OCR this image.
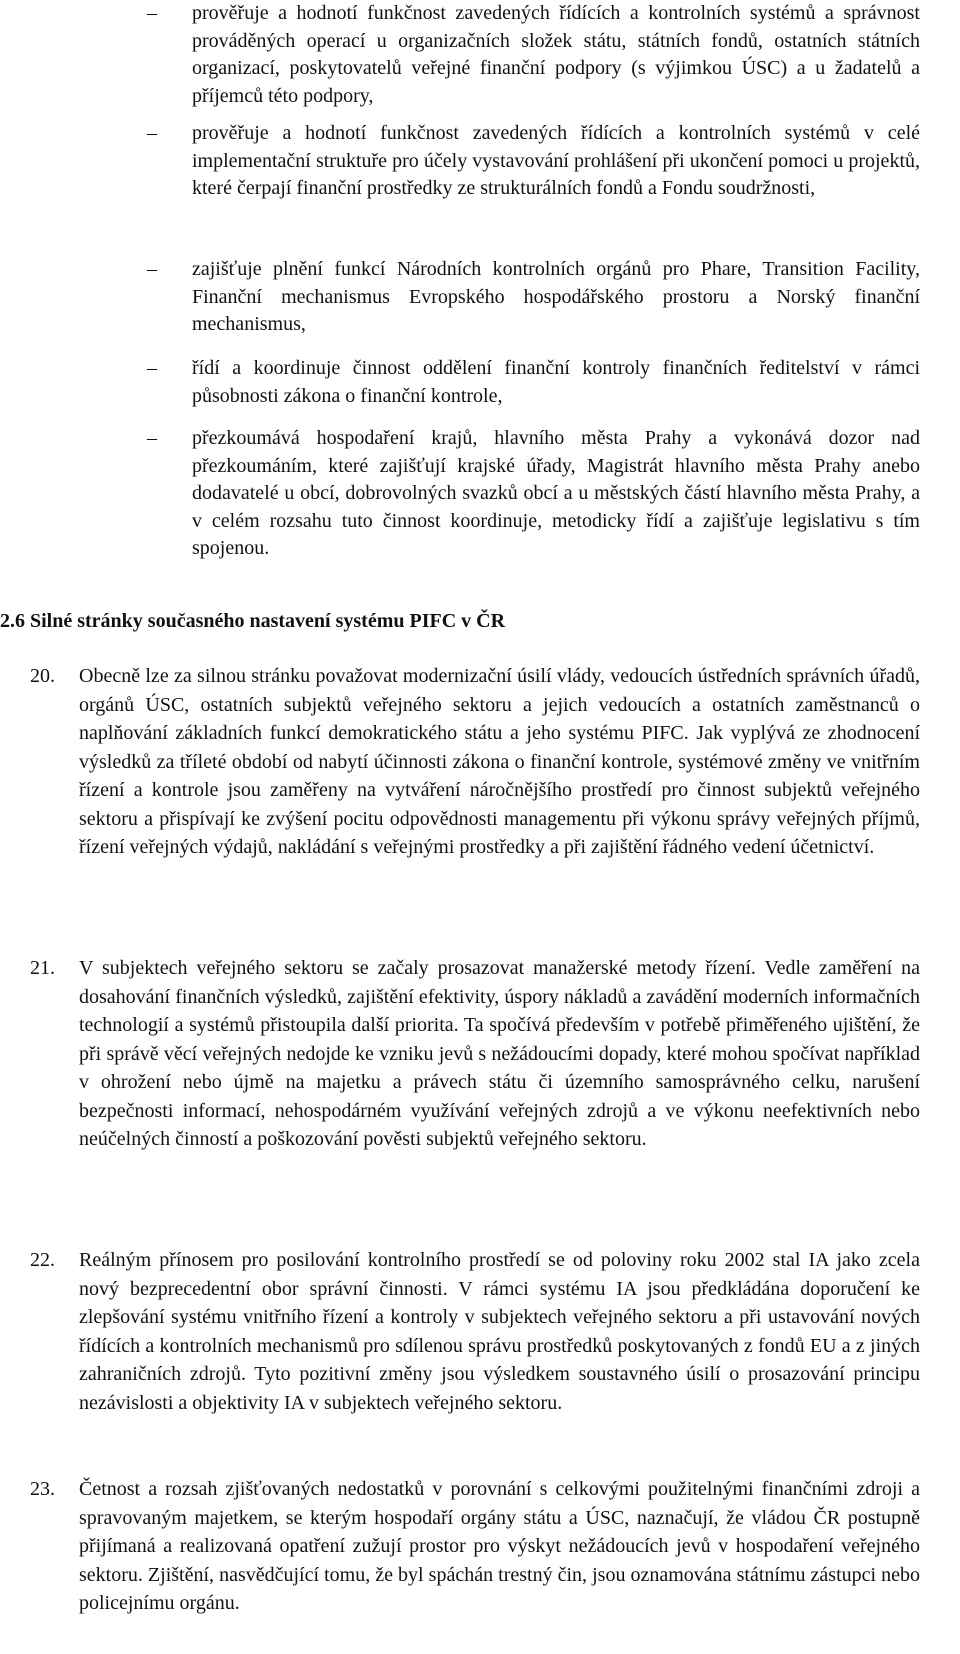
–	prověřuje a hodnotí funkčnost zavedených řídících a kontrolních systémů a správnost prováděných operací u organizačních složek státu, státních fondů, ostatních státních organizací, poskytovatelů veřejné finanční podpory (s výjimkou ÚSC) a u žadatelů a příjemců této podpory,
–	prověřuje a hodnotí funkčnost zavedených řídících a kontrolních systémů v celé implementační struktuře pro účely vystavování prohlášení při ukončení pomoci u projektů, které čerpají finanční prostředky ze strukturálních fondů a Fondu soudržnosti,
–	zajišťuje plnění funkcí Národních kontrolních orgánů pro Phare, Transition Facility, Finanční mechanismus Evropského hospodářského prostoru a Norský finanční mechanismus,
–	řídí a koordinuje činnost oddělení finanční kontroly finančních ředitelství v rámci působnosti zákona o finanční kontrole,
–	přezkoumává hospodaření krajů, hlavního města Prahy a vykonává dozor nad přezkoumáním, které zajišťují krajské úřady, Magistrát hlavního města Prahy anebo dodavatelé u obcí, dobrovolných svazků obcí a u městských částí hlavního města Prahy, a v celém rozsahu tuto činnost koordinuje, metodicky řídí a zajišťuje legislativu s tím spojenou.
2.6 Silné stránky současného nastavení systému PIFC v ČR
20.	Obecně lze za silnou stránku považovat modernizační úsilí vlády, vedoucích ústředních správních úřadů, orgánů ÚSC, ostatních subjektů veřejného sektoru a jejich vedoucích a ostatních zaměstnanců o naplňování základních funkcí demokratického státu a jeho systému PIFC. Jak vyplývá ze zhodnocení výsledků za tříleté období od nabytí účinnosti zákona o finanční kontrole, systémové změny ve vnitřním řízení a kontrole jsou zaměřeny na vytváření náročnějšího prostředí pro činnost subjektů veřejného sektoru a přispívají ke zvýšení pocitu odpovědnosti managementu při výkonu správy veřejných příjmů, řízení veřejných výdajů, nakládání s veřejnými prostředky a při zajištění řádného vedení účetnictví.
21.	V subjektech veřejného sektoru se začaly prosazovat manažerské metody řízení. Vedle zaměření na dosahování finančních výsledků, zajištění efektivity, úspory nákladů a zavádění moderních informačních technologií a systémů přistoupila další priorita. Ta spočívá především v potřebě přiměřeného ujištění, že při správě věcí veřejných nedojde ke vzniku jevů s nežádoucími dopady, které mohou spočívat například v ohrožení nebo újmě na majetku a právech státu či územního samosprávného celku, narušení bezpečnosti informací, nehospodárném využívání veřejných zdrojů a ve výkonu neefektivních nebo neúčelných činností a poškozování pověsti subjektů veřejného sektoru.
22.	Reálným přínosem pro posilování kontrolního prostředí se od poloviny roku 2002 stal IA jako zcela nový bezprecedentní obor správní činnosti. V rámci systému IA jsou předkládána doporučení ke zlepšování systému vnitřního řízení a kontroly v subjektech veřejného sektoru a při ustavování nových řídících a kontrolních mechanismů pro sdílenou správu prostředků poskytovaných z fondů EU a z jiných zahraničních zdrojů. Tyto pozitivní změny jsou výsledkem soustavného úsilí o prosazování principu nezávislosti a objektivity IA v subjektech veřejného sektoru.
23.	Četnost a rozsah zjišťovaných nedostatků v porovnání s celkovými použitelnými finančními zdroji a spravovaným majetkem, se kterým hospodaří orgány státu a ÚSC, naznačují, že vládou ČR postupně přijímaná a realizovaná opatření zužují prostor pro výskyt nežádoucích jevů v hospodaření veřejného sektoru. Zjištění, nasvědčující tomu, že byl spáchán trestný čin, jsou oznamována státnímu zástupci nebo policejnímu orgánu.
